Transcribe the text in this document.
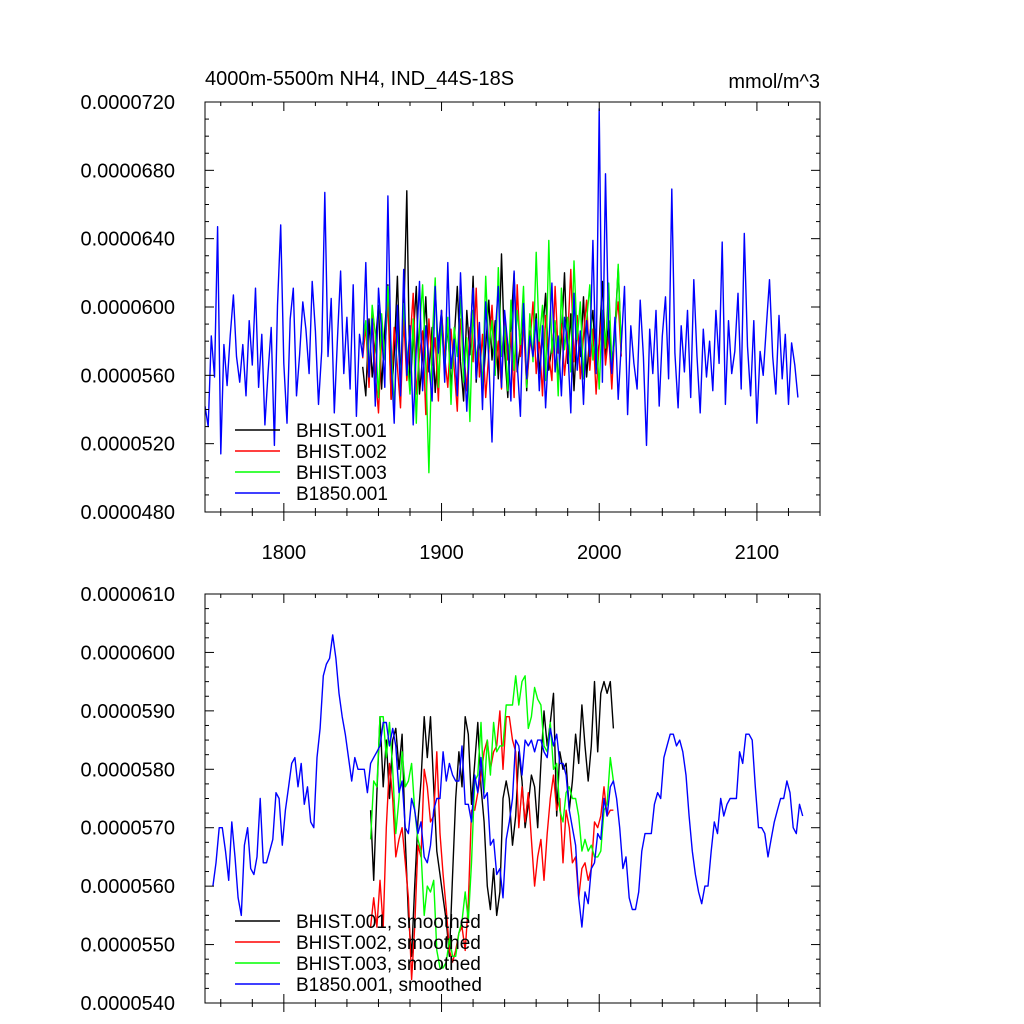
0.0000480
0.0000520
0.0000560
0.0000600
0.0000640
0.0000680
0.0000720
1800	1900	2000	2100
4000m-5500m NH4, IND_44S-18S	mmol/m^3
BHIST.001
BHIST.002
BHIST.003
B1850.001
0.0000540
0.0000550
0.0000560
0.0000570
0.0000580
0.0000590
0.0000600
0.0000610
BHIST.001, smoothed
BHIST.002, smoothed
BHIST.003, smoothed
B1850.001, smoothed
